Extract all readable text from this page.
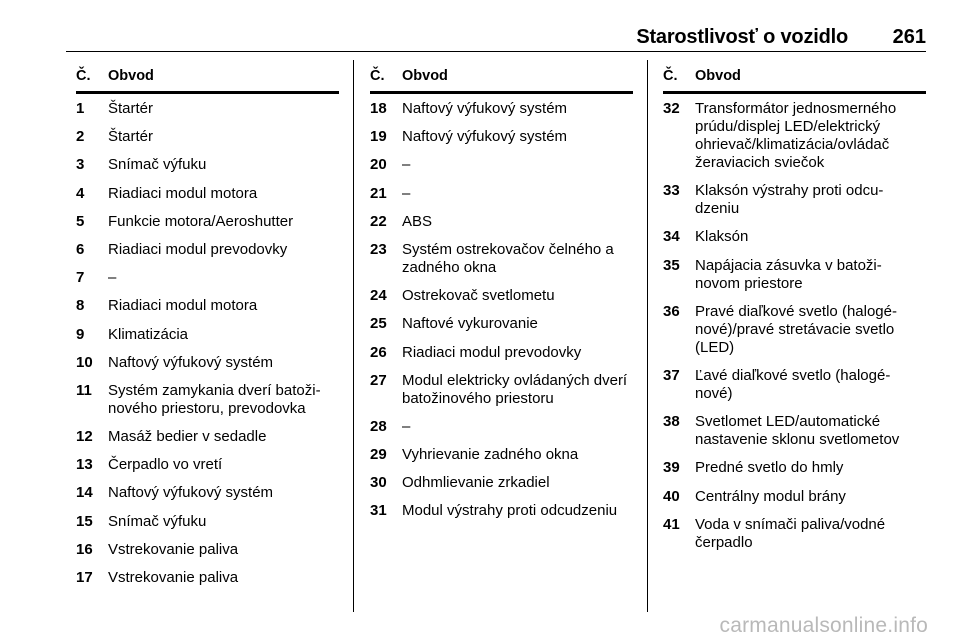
Starostlivosť o vozidlo 261
Č. Obvod
1 Štartér
2 Štartér
3 Snímač výfuku
4 Riadiaci modul motora
5 Funkcie motora/Aeroshutter
6 Riadiaci modul prevodovky
7 –
8 Riadiaci modul motora
9 Klimatizácia
10 Naftový výfukový systém
11 Systém zamykania dverí batoži-nového priestoru, prevodovka
12 Masáž bedier v sedadle
13 Čerpadlo vo vretí
14 Naftový výfukový systém
15 Snímač výfuku
16 Vstrekovanie paliva
17 Vstrekovanie paliva
Č. Obvod
18 Naftový výfukový systém
19 Naftový výfukový systém
20 –
21 –
22 ABS
23 Systém ostrekovačov čelného a zadného okna
24 Ostrekovač svetlometu
25 Naftové vykurovanie
26 Riadiaci modul prevodovky
27 Modul elektricky ovládaných dverí batožinového priestoru
28 –
29 Vyhrievanie zadného okna
30 Odhmlievanie zrkadiel
31 Modul výstrahy proti odcudzeniu
Č. Obvod
32 Transformátor jednosmerného prúdu/displej LED/elektrický ohrievač/klimatizácia/ovládač žeraviacich sviečok
33 Klaksón výstrahy proti odcu-dzeniu
34 Klaksón
35 Napájacia zásuvka v batoži-novom priestore
36 Pravé diaľkové svetlo (halogé-nové)/pravé stretávacie svetlo (LED)
37 Ľavé diaľkové svetlo (halogé-nové)
38 Svetlomet LED/automatické nastavenie sklonu svetlometov
39 Predné svetlo do hmly
40 Centrálny modul brány
41 Voda v snímači paliva/vodné čerpadlo
carmanualsonline.info
